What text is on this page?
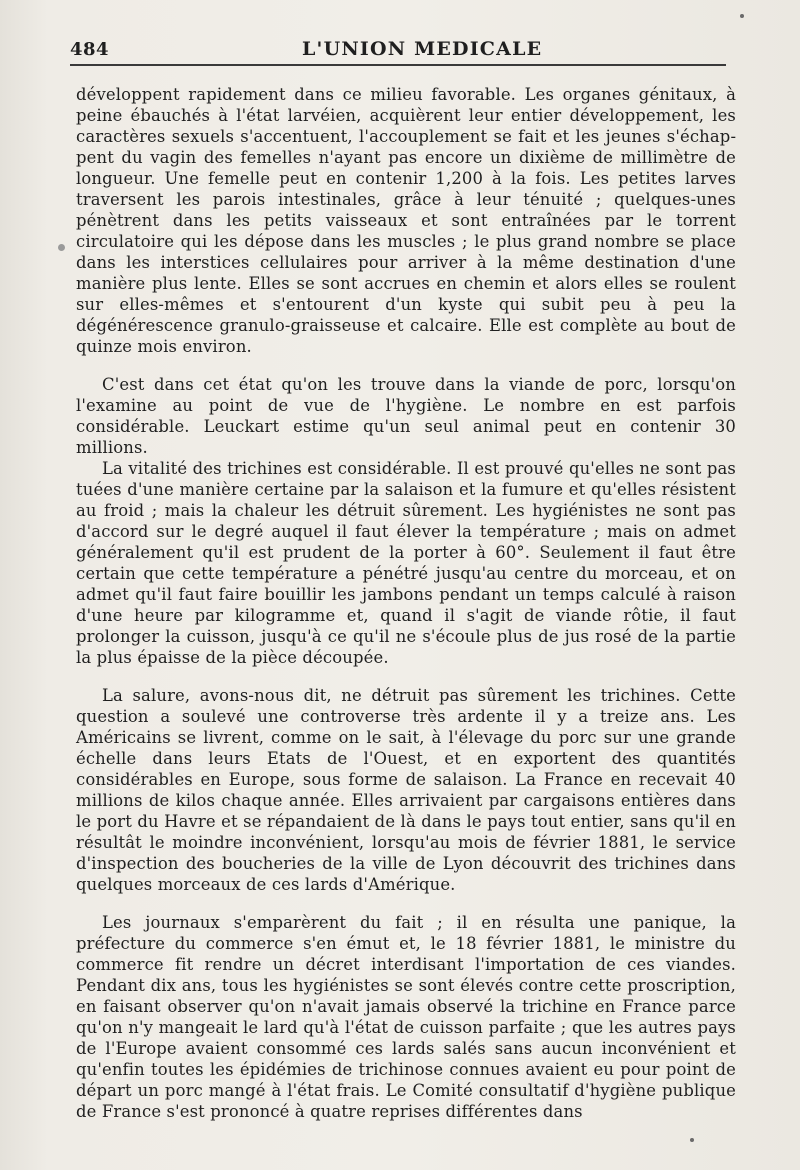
484	L'UNION MEDICALE

développent rapidement dans ce milieu favorable. Les organes génitaux, à peine ébauchés à l'état larvéien, acquièrent leur entier développement, les caractères sexuels s'accentuent, l'accouplement se fait et les jeunes s'échappent du vagin des femelles n'ayant pas encore un dixième de millimètre de longueur. Une femelle peut en contenir 1,200 à la fois. Les petites larves traversent les parois intestinales, grâce à leur ténuité ; quelques-unes pénètrent dans les petits vaisseaux et sont entraînées par le torrent circulatoire qui les dépose dans les muscles ; le plus grand nombre se place dans les interstices cellulaires pour arriver à la même destination d'une manière plus lente. Elles se sont accrues en chemin et alors elles se roulent sur elles-mêmes et s'entourent d'un kyste qui subit peu à peu la dégénérescence granulo-graisseuse et calcaire. Elle est complète au bout de quinze mois environ.

C'est dans cet état qu'on les trouve dans la viande de porc, lorsqu'on l'examine au point de vue de l'hygiène. Le nombre en est parfois considérable. Leuckart estime qu'un seul animal peut en contenir 30 millions.

La vitalité des trichines est considérable. Il est prouvé qu'elles ne sont pas tuées d'une manière certaine par la salaison et la fumure et qu'elles résistent au froid ; mais la chaleur les détruit sûrement. Les hygiénistes ne sont pas d'accord sur le degré auquel il faut élever la température ; mais on admet généralement qu'il est prudent de la porter à 60°. Seulement il faut être certain que cette température a pénétré jusqu'au centre du morceau, et on admet qu'il faut faire bouillir les jambons pendant un temps calculé à raison d'une heure par kilogramme et, quand il s'agit de viande rôtie, il faut prolonger la cuisson, jusqu'à ce qu'il ne s'écoule plus de jus rosé de la partie la plus épaisse de la pièce découpée.

La salure, avons-nous dit, ne détruit pas sûrement les trichines. Cette question a soulevé une controverse très ardente il y a treize ans. Les Américains se livrent, comme on le sait, à l'élevage du porc sur une grande échelle dans leurs Etats de l'Ouest, et en exportent des quantités considérables en Europe, sous forme de salaison. La France en recevait 40 millions de kilos chaque année. Elles arrivaient par cargaisons entières dans le port du Havre et se répandaient de là dans le pays tout entier, sans qu'il en résultât le moindre inconvénient, lorsqu'au mois de février 1881, le service d'inspection des boucheries de la ville de Lyon découvrit des trichines dans quelques morceaux de ces lards d'Amérique.

Les journaux s'emparèrent du fait ; il en résulta une panique, la préfecture du commerce s'en émut et, le 18 février 1881, le ministre du commerce fit rendre un décret interdisant l'importation de ces viandes. Pendant dix ans, tous les hygiénistes se sont élevés contre cette proscription, en faisant observer qu'on n'avait jamais observé la trichine en France parce qu'on n'y mangeait le lard qu'à l'état de cuisson parfaite ; que les autres pays de l'Europe avaient consommé ces lards salés sans aucun inconvénient et qu'enfin toutes les épidémies de trichinose connues avaient eu pour point de départ un porc mangé à l'état frais. Le Comité consultatif d'hygiène publique de France s'est prononcé à quatre reprises différentes dans
